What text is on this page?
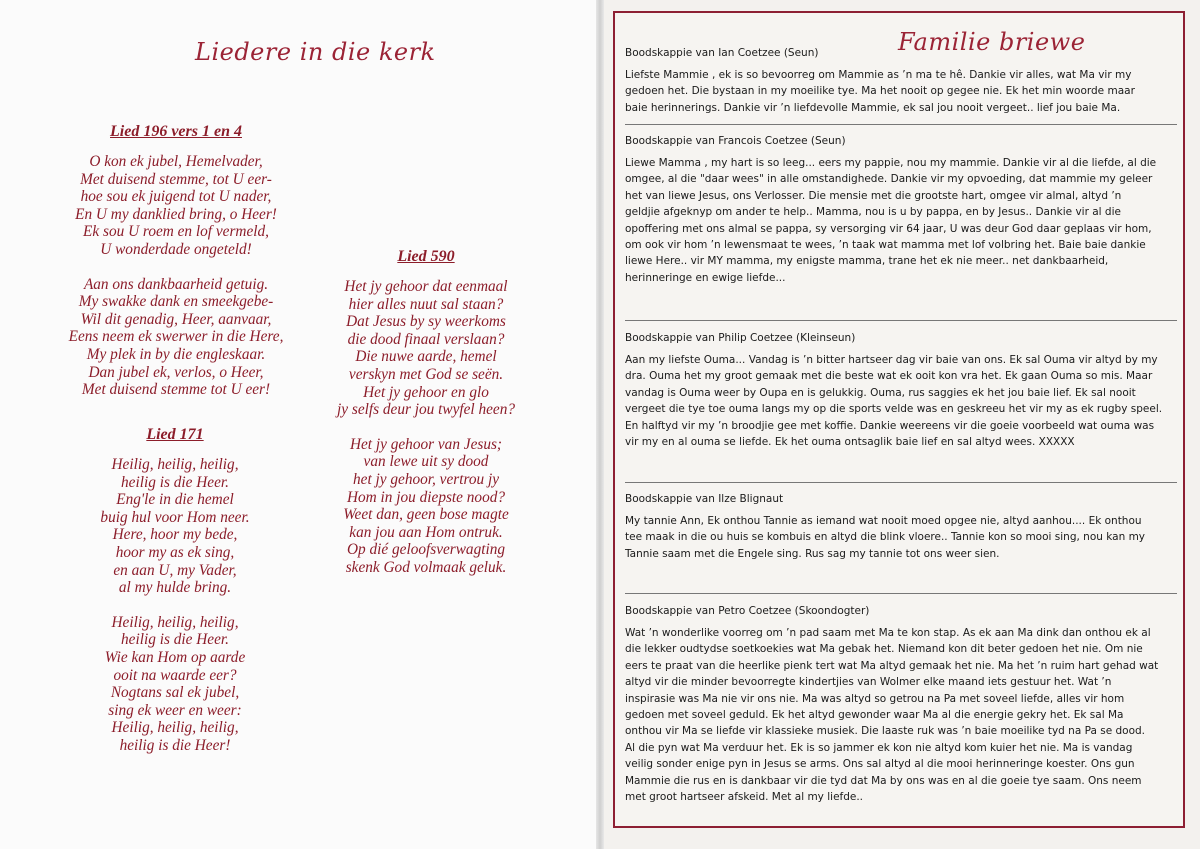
Liedere in die kerk
Lied 196 vers 1 en 4
O kon ek jubel, Hemelvader,
Met duisend stemme, tot U eer-
hoe sou ek juigend tot U nader,
En U my danklied bring, o Heer!
Ek sou U roem en lof vermeld,
U wonderdade ongeteld!
Aan ons dankbaarheid getuig.
My swakke dank en smeekgebe-
Wil dit genadig, Heer, aanvaar,
Eens neem ek swerwer in die Here,
My plek in by die engleskaar.
Dan jubel ek, verlos, o Heer,
Met duisend stemme tot U eer!
Lied 171
Heilig, heilig, heilig,
heilig is die Heer.
Eng'le in die hemel
buig hul voor Hom neer.
Here, hoor my bede,
hoor my as ek sing,
en aan U, my Vader,
al my hulde bring.
Heilig, heilig, heilig,
heilig is die Heer.
Wie kan Hom op aarde
ooit na waarde eer?
Nogtans sal ek jubel,
sing ek weer en weer:
Heilig, heilig, heilig,
heilig is die Heer!
Lied 590
Het jy gehoor dat eenmaal
hier alles nuut sal staan?
Dat Jesus by sy weerkoms
die dood finaal verslaan?
Die nuwe aarde, hemel
verskyn met God se seën.
Het jy gehoor en glo
jy selfs deur jou twyfel heen?
Het jy gehoor van Jesus;
van lewe uit sy dood
het jy gehoor, vertrou jy
Hom in jou diepste nood?
Weet dan, geen bose magte
kan jou aan Hom ontruk.
Op dié geloofsverwagting
skenk God volmaak geluk.
Boodskappie van Ian Coetzee (Seun)
Liefste Mammie , ek is so bevoorreg om Mammie as ’n ma te hê. Dankie vir alles, wat Ma vir my
gedoen het. Die bystaan in my moeilike tye. Ma het nooit op gegee nie. Ek het min woorde maar
baie herinnerings. Dankie vir ’n liefdevolle Mammie, ek sal jou nooit vergeet.. lief jou baie Ma.
Boodskappie van Francois Coetzee (Seun)
Liewe Mamma , my hart is so leeg... eers my pappie, nou my mammie. Dankie vir al die liefde, al die
omgee, al die "daar wees" in alle omstandighede. Dankie vir my opvoeding, dat mammie my geleer
het van liewe Jesus, ons Verlosser. Die mensie met die grootste hart, omgee vir almal, altyd ’n
geldjie afgeknyp om ander te help.. Mamma, nou is u by pappa, en by Jesus.. Dankie vir al die
opoffering met ons almal se pappa, sy versorging vir 64 jaar, U was deur God daar geplaas vir hom,
om ook vir hom ’n lewensmaat te wees, ’n taak wat mamma met lof volbring het. Baie baie dankie
liewe Here.. vir MY mamma, my enigste mamma, trane het ek nie meer.. net dankbaarheid,
herinneringe en ewige liefde...
Boodskappie van Philip Coetzee (Kleinseun)
Aan my liefste Ouma... Vandag is ’n bitter hartseer dag vir baie van ons. Ek sal Ouma vir altyd by my
dra. Ouma het my groot gemaak met die beste wat ek ooit kon vra het. Ek gaan Ouma so mis. Maar
vandag is Ouma weer by Oupa en is gelukkig. Ouma, rus saggies ek het jou baie lief. Ek sal nooit
vergeet die tye toe ouma langs my op die sports velde was en geskreeu het vir my as ek rugby speel.
En halftyd vir my ’n broodjie gee met koffie. Dankie weereens vir die goeie voorbeeld wat ouma was
vir my en al ouma se liefde. Ek het ouma ontsaglik baie lief en sal altyd wees. XXXXX
Boodskappie van Ilze Blignaut
My tannie Ann, Ek onthou Tannie as iemand wat nooit moed opgee nie, altyd aanhou.... Ek onthou
tee maak in die ou huis se kombuis en altyd die blink vloere.. Tannie kon so mooi sing, nou kan my
Tannie saam met die Engele sing. Rus sag my tannie tot ons weer sien.
Boodskappie van Petro Coetzee (Skoondogter)
Wat ’n wonderlike voorreg om ’n pad saam met Ma te kon stap. As ek aan Ma dink dan onthou ek al
die lekker oudtydse soetkoekies wat Ma gebak het. Niemand kon dit beter gedoen het nie. Om nie
eers te praat van die heerlike pienk tert wat Ma altyd gemaak het nie. Ma het ’n ruim hart gehad wat
altyd vir die minder bevoorregte kindertjies van Wolmer elke maand iets gestuur het. Wat ’n
inspirasie was Ma nie vir ons nie. Ma was altyd so getrou na Pa met soveel liefde, alles vir hom
gedoen met soveel geduld. Ek het altyd gewonder waar Ma al die energie gekry het. Ek sal Ma
onthou vir Ma se liefde vir klassieke musiek. Die laaste ruk was ’n baie moeilike tyd na Pa se dood.
Al die pyn wat Ma verduur het. Ek is so jammer ek kon nie altyd kom kuier het nie. Ma is vandag
veilig sonder enige pyn in Jesus se arms. Ons sal altyd al die mooi herinneringe koester. Ons gun
Mammie die rus en is dankbaar vir die tyd dat Ma by ons was en al die goeie tye saam. Ons neem
met groot hartseer afskeid. Met al my liefde..
Familie briewe
